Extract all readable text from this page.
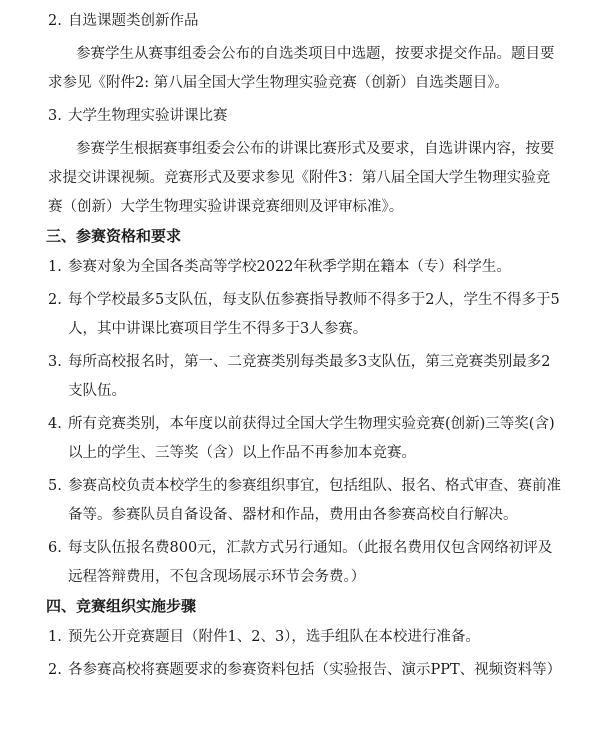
2. 自选课题类创新作品

参赛学生从赛事组委会公布的自选类项目中选题，按要求提交作品。题目要

求参见《附件2: 第八届全国大学生物理实验竞赛（创新）自选类题目》。

3. 大学生物理实验讲课比赛

参赛学生根据赛事组委会公布的讲课比赛形式及要求，自选讲课内容，按要

求提交讲课视频。竞赛形式及要求参见《附件3：第八届全国大学生物理实验竞

赛（创新）大学生物理实验讲课竞赛细则及评审标准》。

三、参赛资格和要求

1. 参赛对象为全国各类高等学校2022年秋季学期在籍本（专）科学生。

2. 每个学校最多5支队伍，每支队伍参赛指导教师不得多于2人，学生不得多于5

人，其中讲课比赛项目学生不得多于3人参赛。

3. 每所高校报名时，第一、二竞赛类别每类最多3支队伍，第三竞赛类别最多2

支队伍。

4. 所有竞赛类别，本年度以前获得过全国大学生物理实验竞赛(创新)三等奖(含)

以上的学生、三等奖（含）以上作品不再参加本竞赛。

5. 参赛高校负责本校学生的参赛组织事宜，包括组队、报名、格式审查、赛前准

备等。参赛队员自备设备、器材和作品，费用由各参赛高校自行解决。

6. 每支队伍报名费800元，汇款方式另行通知。（此报名费用仅包含网络初评及

远程答辩费用，不包含现场展示环节会务费。）

四、竞赛组织实施步骤

1. 预先公开竞赛题目（附件1、2、3），选手组队在本校进行准备。

2. 各参赛高校将赛题要求的参赛资料包括（实验报告、演示PPT、视频资料等）
